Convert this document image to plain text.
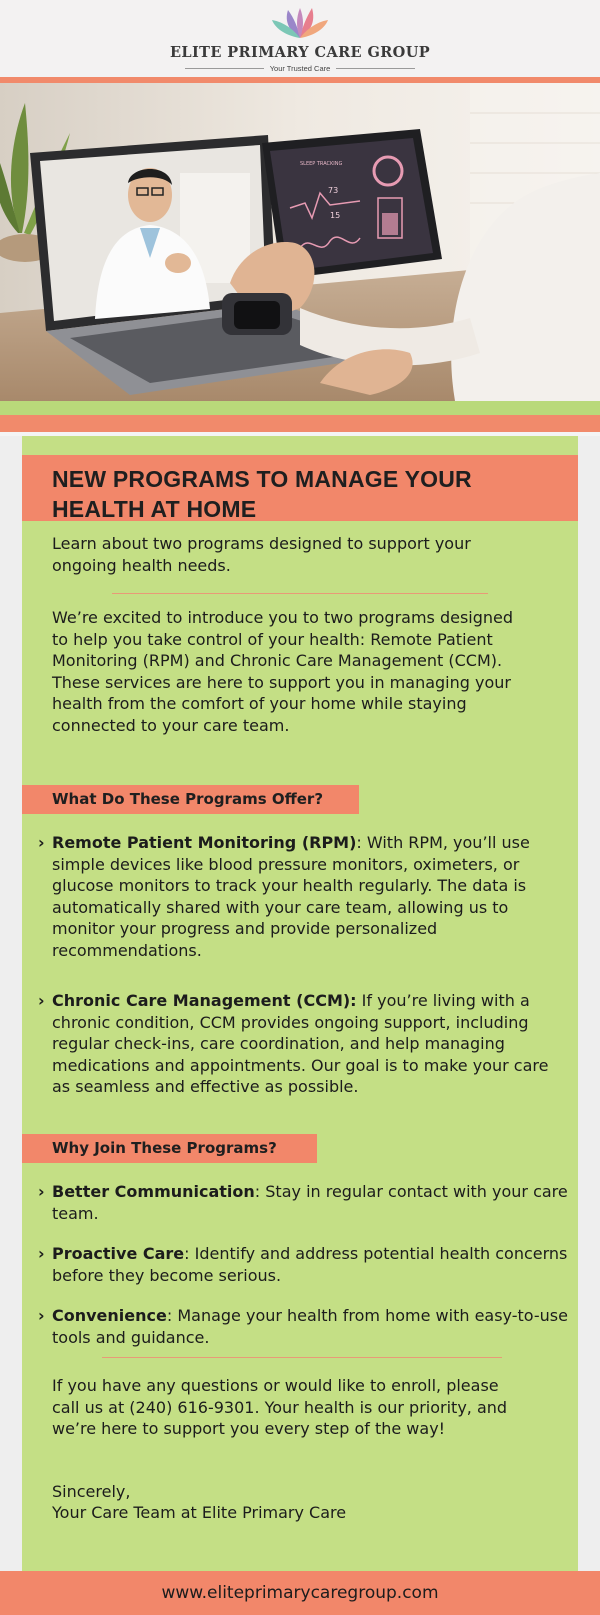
ELITE PRIMARY CARE GROUP
Your Trusted Care
SLEEP TRACKING
73
15
NEW PROGRAMS TO MANAGE YOUR HEALTH AT HOME
Learn about two programs designed to support your ongoing health needs.
We’re excited to introduce you to two programs designed to help you take control of your health: Remote Patient Monitoring (RPM) and Chronic Care Management (CCM). These services are here to support you in managing your health from the comfort of your home while staying connected to your care team.
What Do These Programs Offer?
› Remote Patient Monitoring (RPM): With RPM, you’ll use simple devices like blood pressure monitors, oximeters, or glucose monitors to track your health regularly. The data is automatically shared with your care team, allowing us to monitor your progress and provide personalized recommendations.
› Chronic Care Management (CCM): If you’re living with a chronic condition, CCM provides ongoing support, including regular check-ins, care coordination, and help managing medications and appointments. Our goal is to make your care as seamless and effective as possible.
Why Join These Programs?
› Better Communication: Stay in regular contact with your care team.
› Proactive Care: Identify and address potential health concerns before they become serious.
› Convenience: Manage your health from home with easy-to-use tools and guidance.
If you have any questions or would like to enroll, please call us at (240) 616-9301. Your health is our priority, and we’re here to support you every step of the way!
Sincerely,
Your Care Team at Elite Primary Care
www.eliteprimarycaregroup.com
